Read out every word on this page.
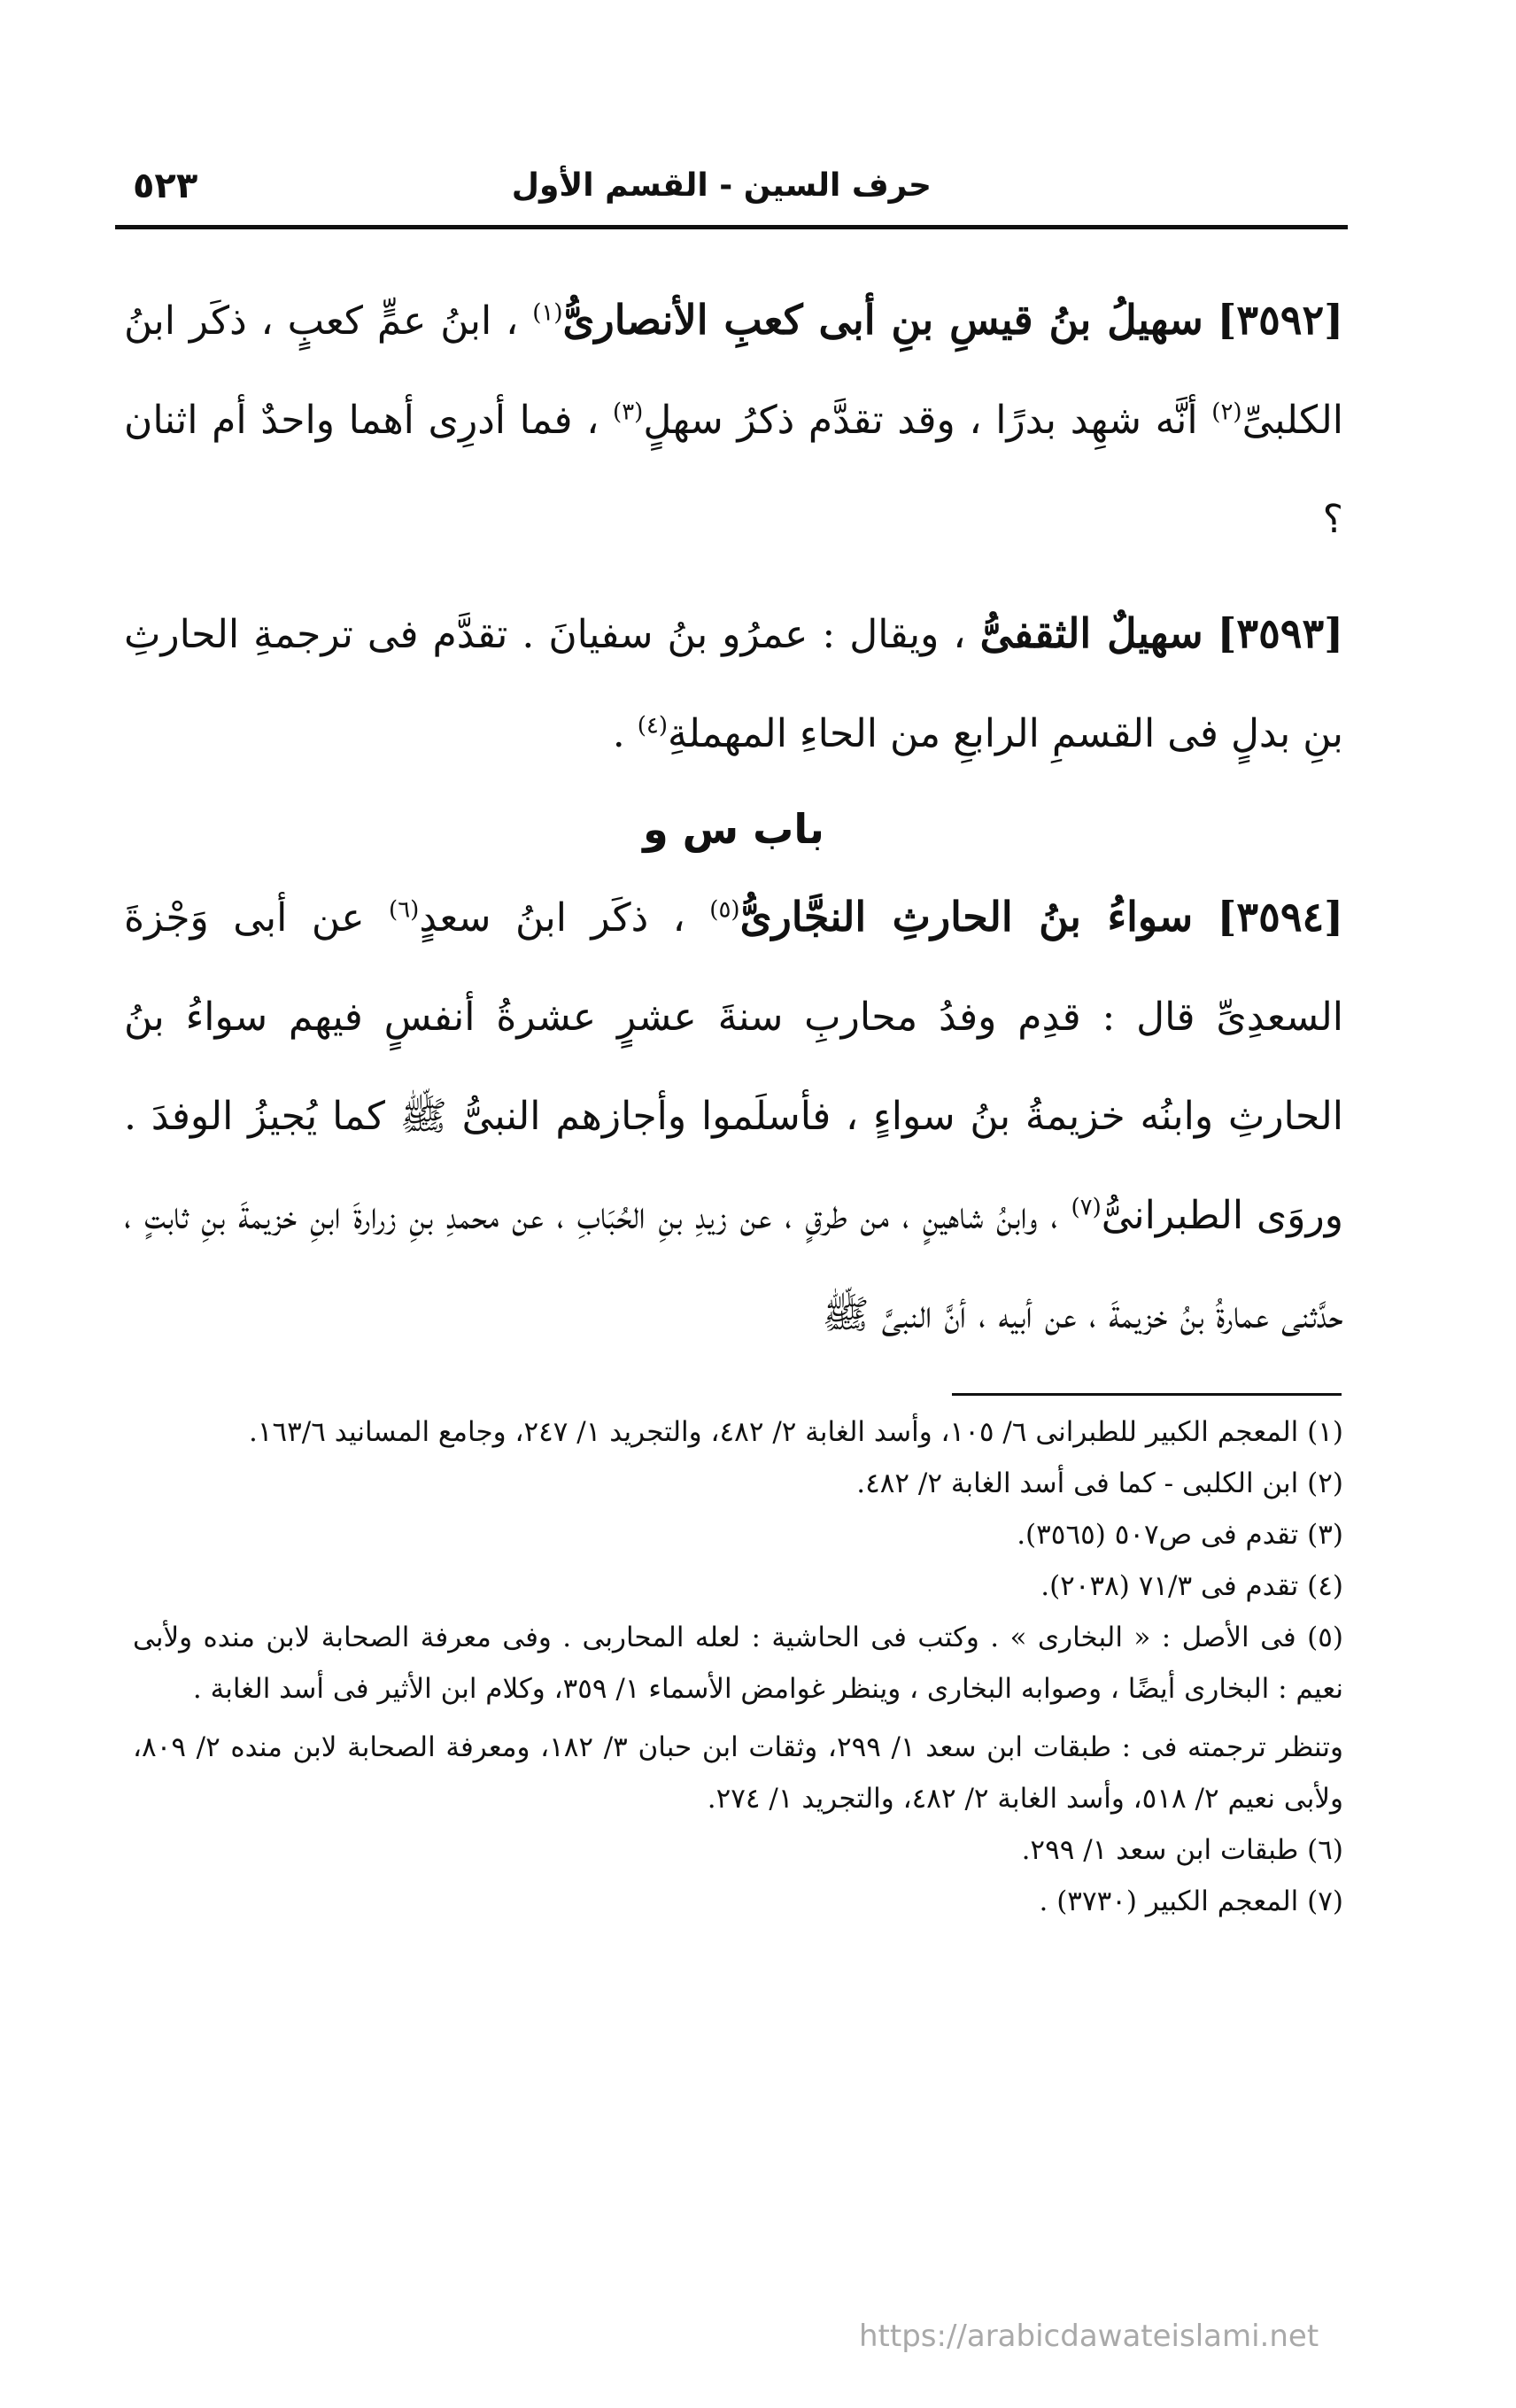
حرف السين - القسم الأول
٥٢٣

[٣٥٩٢] سهيلُ بنُ قيسِ بنِ أبى كعبِ الأنصارىُّ$^{(١)}$ ، ابنُ عمٍّ كعبٍ ، ذكَر ابنُ الكلبىِّ$^{(٢)}$ أنَّه شهِد بدرًا ، وقد تقدَّم ذكرُ سهلٍ$^{(٣)}$ ، فما أدرِى أهما واحدٌ أم اثنان ؟

[٣٥٩٣] سهيلٌ الثقفىُّ ، ويقال : عمرُو بنُ سفيانَ . تقدَّم فى ترجمةِ الحارثِ بنِ بدلٍ فى القسمِ الرابعِ من الحاءِ المهملةِ$^{(٤)}$ .

باب س و

[٣٥٩٤] سواءُ بنُ الحارثِ النجَّارىُّ$^{(٥)}$ ، ذكَر ابنُ سعدٍ$^{(٦)}$ عن أبى وَجْزةَ السعدِىِّ قال : قدِم وفدُ محاربِ سنةَ عشرٍ عشرةُ أنفسٍ فيهم سواءُ بنُ الحارثِ وابنُه خزيمةُ بنُ سواءٍ ، فأسلَموا وأجازهم النبىُّ ﷺ كما يُجيزُ الوفدَ . وروَى الطبرانىُّ$^{(٧)}$ ، وابنُ شاهينٍ ، من طرقٍ ، عن زيدِ بنِ الحُبَابِ ، عن محمدِ بنِ زرارةَ ابنِ خزيمةَ بنِ ثابتٍ ، حدَّثنى عمارةُ بنُ خزيمةَ ، عن أبيه ، أنَّ النبىَّ ﷺ

(١) المعجم الكبير للطبرانى ٦/ ١٠٥، وأسد الغابة ٢/ ٤٨٢، والتجريد ١/ ٢٤٧، وجامع المسانيد ١٦٣/٦.

(٢) ابن الكلبى - كما فى أسد الغابة ٢/ ٤٨٢.

(٣) تقدم فى ص٥٠٧ (٣٥٦٥).

(٤) تقدم فى ٧١/٣ (٢٠٣٨).

(٥) فى الأصل : « البخارى » . وكتب فى الحاشية : لعله المحاربى . وفى معرفة الصحابة لابن منده ولأبى نعيم : البخارى أيضًا ، وصوابه البخارى ، وينظر غوامض الأسماء ١/ ٣٥٩، وكلام ابن الأثير فى أسد الغابة .

وتنظر ترجمته فى : طبقات ابن سعد ١/ ٢٩٩، وثقات ابن حبان ٣/ ١٨٢، ومعرفة الصحابة لابن منده ٢/ ٨٠٩، ولأبى نعيم ٢/ ٥١٨، وأسد الغابة ٢/ ٤٨٢، والتجريد ١/ ٢٧٤.

(٦) طبقات ابن سعد ١/ ٢٩٩.

(٧) المعجم الكبير (٣٧٣٠) .

https://arabicdawateislami.net
